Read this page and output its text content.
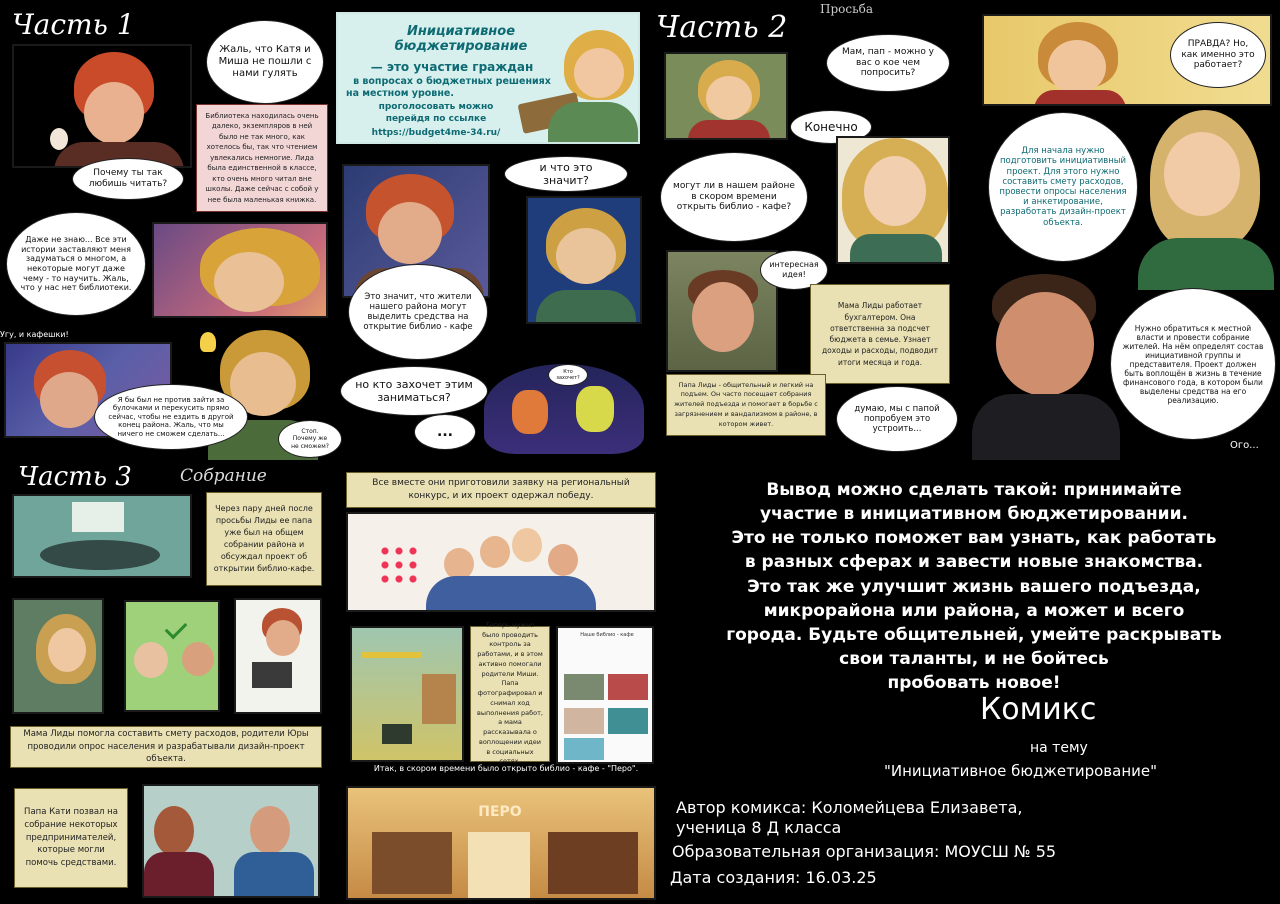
Часть 1	Часть 2
Просьба
Часть 3	Собрание
Жаль, что Катя и Миша не пошли с нами гулять
Библиотека находилась очень далеко, экземпляров в ней было не так много, как хотелось бы, так что чтением увлекались немногие. Лида была единственной в классе, кто очень много читал вне школы. Даже сейчас с собой у нее была маленькая книжка.
Почему ты так любишь читать?
Даже не знаю... Все эти истории заставляют меня задуматься о многом, а некоторые могут даже чему - то научить. Жаль, что у нас нет библиотеки.
Угу, и кафешки!
Я бы был не против зайти за булочками и перекусить прямо сейчас, чтобы не ездить в другой конец района. Жаль, что мы ничего не сможем сделать...	Стоп. Почему же не сможем?
Инициативное бюджетирование
— это участие граждан
в вопросах о бюджетных решениях
на местном уровне.
проголосовать можно
перейдя по ссылке
https://budget4me-34.ru/
и что это значит?
Это значит, что жители нашего района могут выделить средства на открытие библио - кафе
но кто захочет этим заниматься?
...
Кто захочет?
Мам, пап - можно у вас о кое чем попросить?
Конечно
могут ли в нашем районе в скором времени открыть библио - кафе?
интересная идея!
Мама Лиды работает бухгалтером. Она ответственна за подсчет бюджета в семье. Узнает доходы и расходы, подводит итоги месяца и года.
Папа Лиды - общительный и легкий на подъем. Он часто посещает собрания жителей подъезда и помогает в борьбе с загрязнением и вандализмом в районе, в котором живет.
думаю, мы с папой попробуем это устроить...
ПРАВДА? Но, как именно это работает?
Для начала нужно подготовить инициативный проект. Для этого нужно составить смету расходов, провести опросы населения и анкетирование, разработать дизайн-проект объекта.
Нужно обратиться к местной власти и провести собрание жителей. На нём определят состав инициативной группы и представителя. Проект должен быть воплощён в жизнь в течение финансового года, в котором были выделены средства на его реализацию.
Ого...
Через пару дней после просьбы Лиды ее папа уже был на общем собрании района и обсуждал проект об открытии библио-кафе.
Мама Лиды помогла составить смету расходов, родители Юры проводили опрос населения и разрабатывали дизайн-проект объекта.
Папа Кати позвал на собрание некоторых предпринимателей, которые могли помочь средствами.
Все вместе они приготовили заявку на региональный конкурс, и их проект одержал победу.
Теперь нужно было проводить контроль за работами, и в этом активно помогали родители Миши. Папа фотографировал и снимал ход выполнения работ, а мама рассказывала о воплощении идеи в социальных сетях.
Наше библио - кафе
Итак, в скором времени было открыто библио - кафе - "Перо".
ПЕРО
Вывод можно сделать такой: принимайте
участие в инициативном бюджетировании.
Это не только поможет вам узнать, как работать
в разных сферах и завести новые знакомства.
Это так же улучшит жизнь вашего подъезда,
микрорайона или района, а может и всего
города. Будьте общительней, умейте раскрывать
свои таланты, и не бойтесь
пробовать новое!
Комикс
на тему
"Инициативное бюджетирование"
Автор комикса: Коломейцева Елизавета,
ученица 8 Д класса
Образовательная организация: МОУСШ № 55
Дата создания: 16.03.25
